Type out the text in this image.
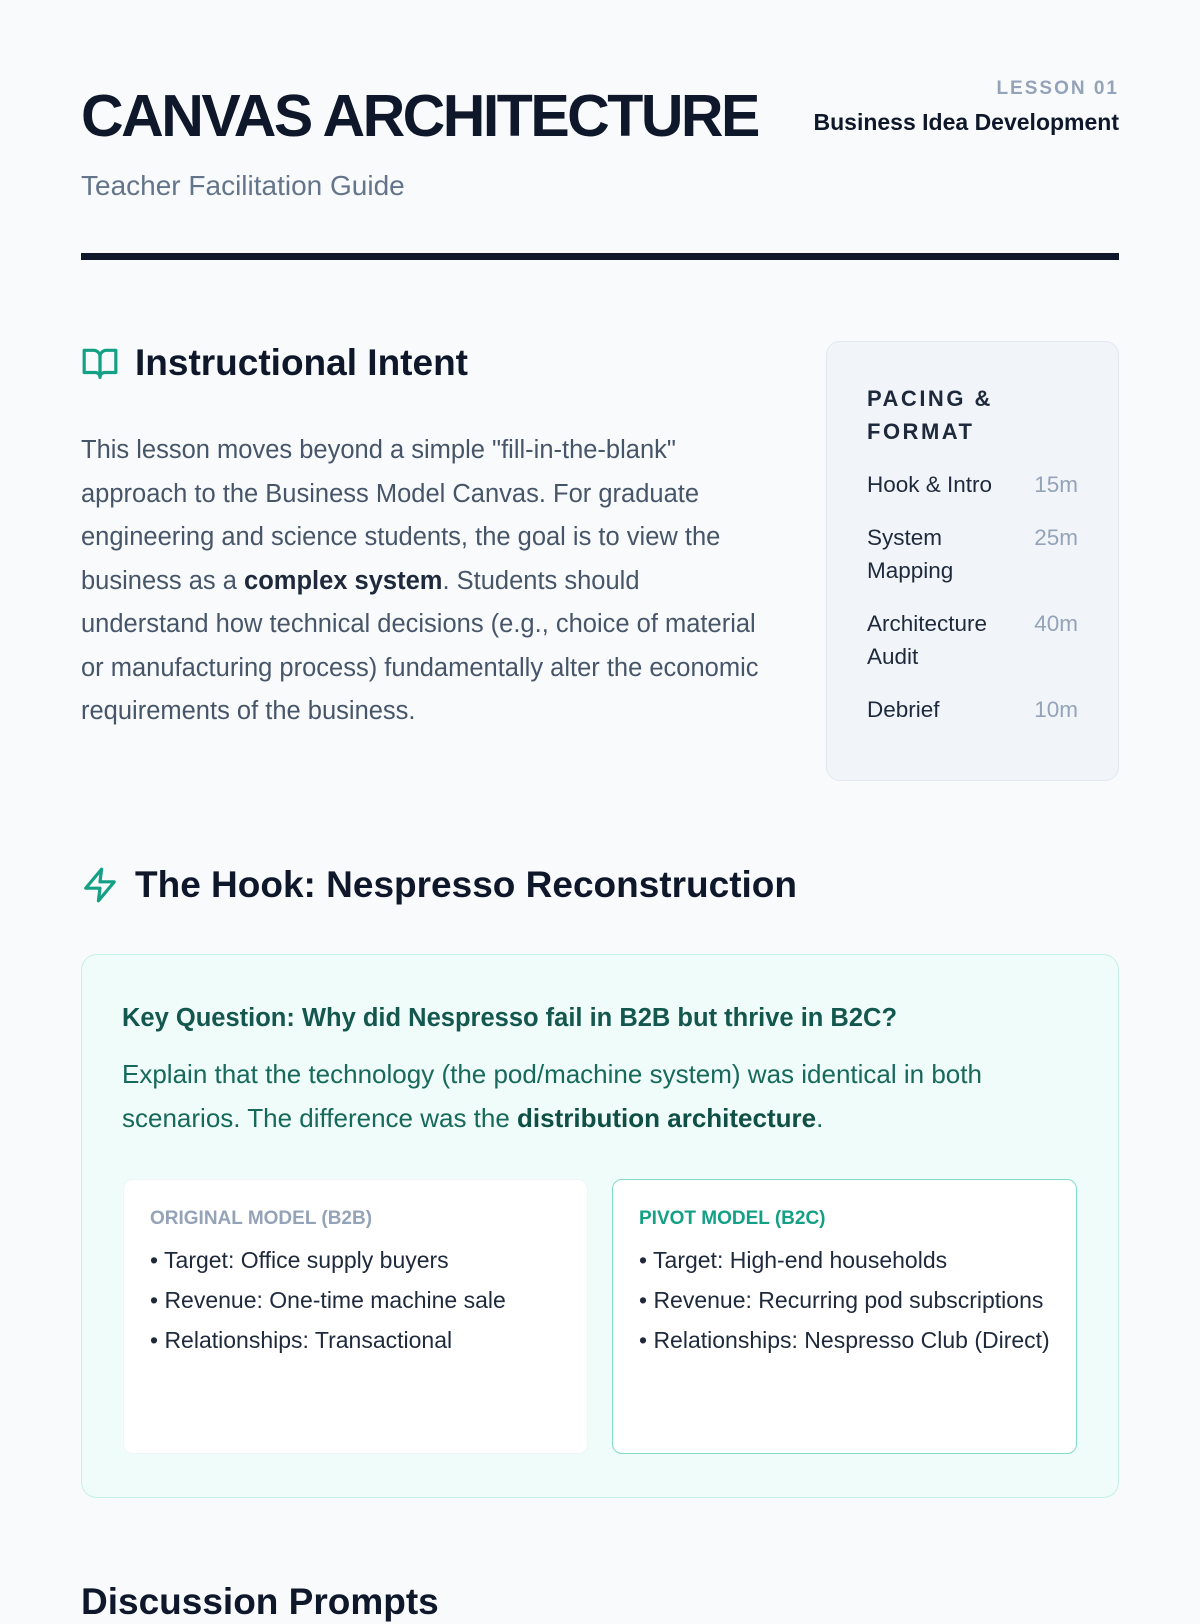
CANVAS ARCHITECTURE
Teacher Facilitation Guide
LESSON 01
Business Idea Development
Instructional Intent

This lesson moves beyond a simple "fill-in-the-blank" approach to the Business Model Canvas. For graduate engineering and science students, the goal is to view the business as a complex system. Students should understand how technical decisions (e.g., choice of material or manufacturing process) fundamentally alter the economic requirements of the business.

PACING & FORMAT
Hook & Intro 15m
System Mapping
25m
Architecture Audit
40m
Debrief	10m
The Hook: Nespresso Reconstruction
Key Question: Why did Nespresso fail in B2B but thrive in B2C?

Explain that the technology (the pod/machine system) was identical in both scenarios. The difference was the distribution architecture.

ORIGINAL MODEL (B2B)
• Target: Office supply buyers
• Revenue: One-time machine sale
• Relationships: Transactional
PIVOT MODEL (B2C)
• Target: High-end households
• Revenue: Recurring pod subscriptions
• Relationships: Nespresso Club (Direct)
Discussion Prompts
